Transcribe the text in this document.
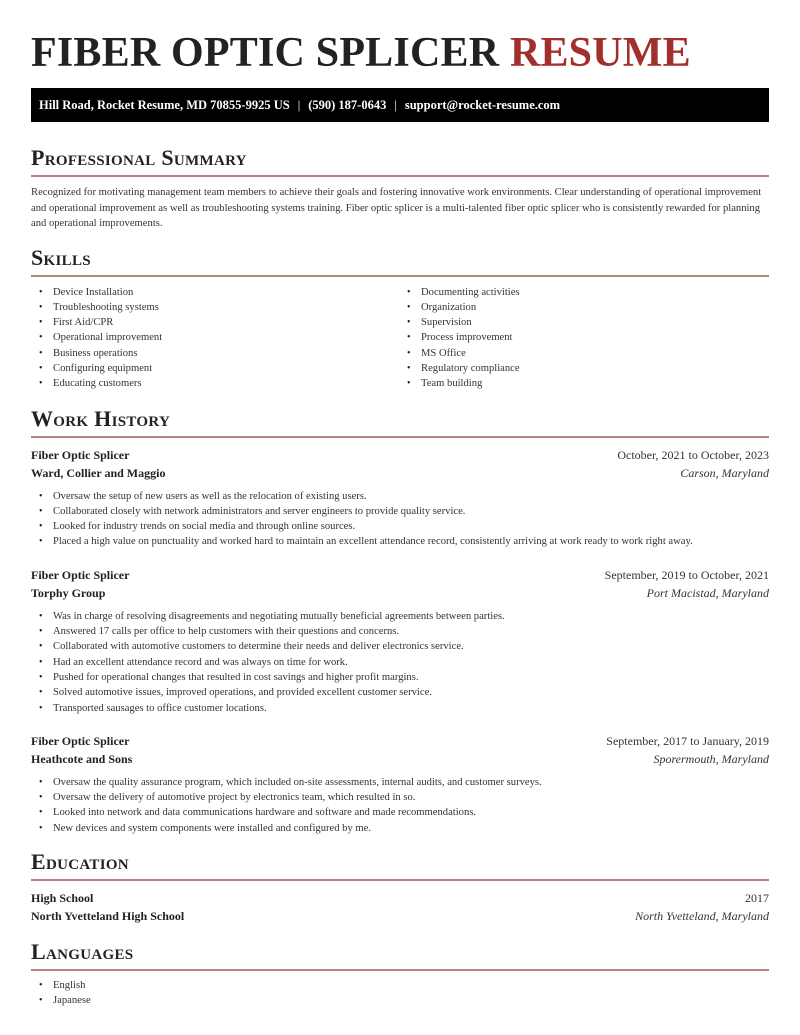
FIBER OPTIC SPLICER RESUME
Hill Road, Rocket Resume, MD 70855-9925 US | (590) 187-0643 | support@rocket-resume.com
Professional Summary

Recognized for motivating management team members to achieve their goals and fostering innovative work environments. Clear understanding of operational improvement and operational improvement as well as troubleshooting systems training. Fiber optic splicer is a multi-talented fiber optic splicer who is consistently rewarded for planning and operational improvements.

Skills
• Device Installation
• Troubleshooting systems
• First Aid/CPR
• Operational improvement
• Business operations
• Configuring equipment
• Educating customers
• Documenting activities
• Organization
• Supervision
• Process improvement
• MS Office
• Regulatory compliance
• Team building
Work History
Fiber Optic Splicer	October, 2021 to October, 2023
Ward, Collier and Maggio	Carson, Maryland
• Oversaw the setup of new users as well as the relocation of existing users.
• Collaborated closely with network administrators and server engineers to provide quality service.
• Looked for industry trends on social media and through online sources.
• Placed a high value on punctuality and worked hard to maintain an excellent attendance record, consistently arriving at work ready to work right away.
Fiber Optic Splicer	September, 2019 to October, 2021
Torphy Group	Port Macistad, Maryland
• Was in charge of resolving disagreements and negotiating mutually beneficial agreements between parties.
• Answered 17 calls per office to help customers with their questions and concerns.
• Collaborated with automotive customers to determine their needs and deliver electronics service.
• Had an excellent attendance record and was always on time for work.
• Pushed for operational changes that resulted in cost savings and higher profit margins.
• Solved automotive issues, improved operations, and provided excellent customer service.
• Transported sausages to office customer locations.
Fiber Optic Splicer	September, 2017 to January, 2019
Heathcote and Sons	Sporermouth, Maryland
• Oversaw the quality assurance program, which included on-site assessments, internal audits, and customer surveys.
• Oversaw the delivery of automotive project by electronics team, which resulted in so.
• Looked into network and data communications hardware and software and made recommendations.
• New devices and system components were installed and configured by me.
Education
High School	2017
North Yvetteland High School	North Yvetteland, Maryland
Languages
• English
• Japanese
